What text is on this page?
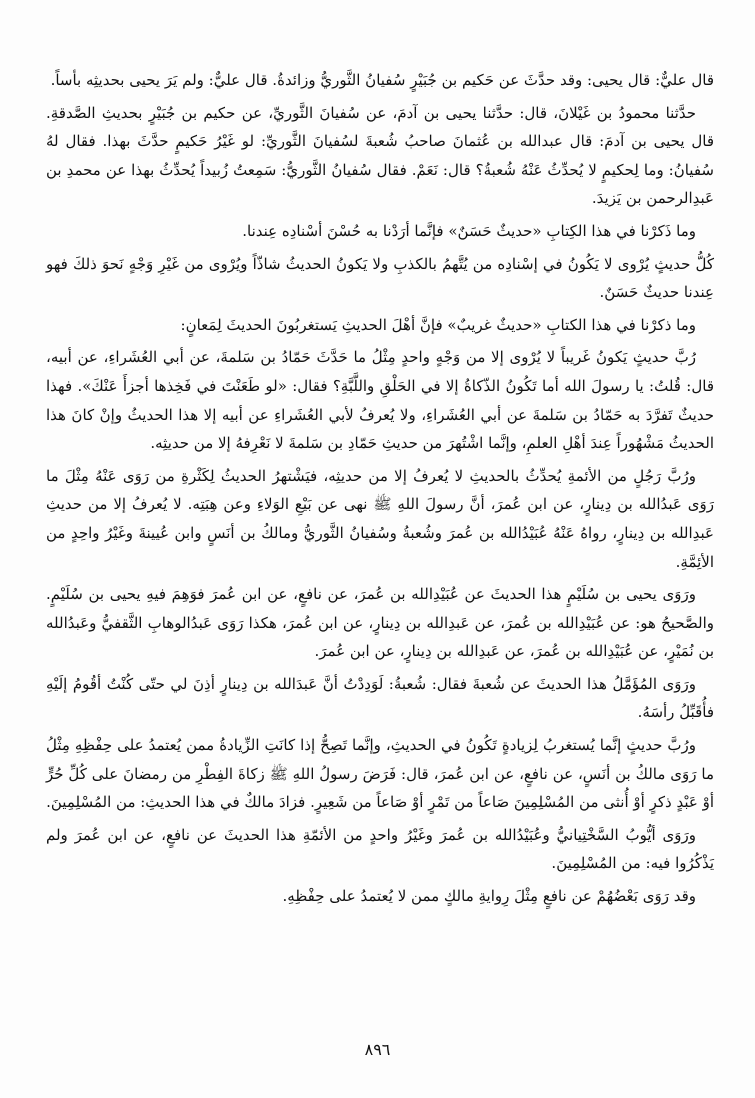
قال عليٌّ: قال يحيى: وقد حدَّثَ عن حَكيم بن جُبَيْرٍ سُفيانُ الثَّوريُّ وزائدةُ. قال عليٌّ: ولم يَرَ يحيى بحديثِه بأساً.

حدَّثنا محمودُ بن غَيْلانَ، قال: حدَّثنا يحيى بن آدمَ، عن سُفيانَ الثَّوريِّ، عن حكيم بن جُبَيْرٍ بحديثِ الصَّدقةِ. قال يحيى بن آدمَ: قال عبدالله بن عُثمانَ صاحبُ شُعبةَ لسُفيانَ الثَّوريِّ: لو غَيْرُ حَكيمٍ حدَّثَ بهذا. فقال لهُ سُفيانُ: وما لِحكيمٍ لا يُحدِّثُ عَنْهُ شُعبةُ؟ قال: نَعَمْ. فقال سُفيانُ الثَّوريُّ: سَمِعتُ زُبيداً يُحدِّثُ بهذا عن محمدِ بن عَبدِالرحمن بن يَزيدَ.

وما ذَكرْنا في هذا الكِتابِ «حديثٌ حَسَنٌ» فإنَّما أرَدْنا به حُسْنَ أسْنادِه عِندنا.

كُلُّ حديثٍ يُرْوى لا يَكُونُ في إسْنادِه من يُتَّهمُ بالكذبِ ولا يَكونُ الحديثُ شاذّاً ويُرْوى من غَيْرِ وَجْهٍ نَحوَ ذلكَ فهو عِندنا حديثٌ حَسَنٌ.

وما ذكرْنا في هذا الكتابِ «حديثٌ غريبٌ» فإنَّ أهْلَ الحديثِ يَستغربُونَ الحديثَ لِمَعانٍ:

رُبَّ حديثٍ يَكونُ غَريباً لا يُرْوى إلا من وَجْهٍ واحدٍ مِثْلُ ما حَدَّثَ حَمّادُ بن سَلمةَ، عن أبي العُشَراءِ، عن أبيه، قال: قُلتُ: يا رسولَ الله أما تَكُونُ الذّكاةُ إلا في الحَلْقِ واللَّبَّةِ؟ فقال: «لو طَعَنْتَ في فَخِذها أجزأَ عَنْكَ». فهذا حديثٌ تَفرَّدَ به حَمّادُ بن سَلمةَ عن أبي العُشَراءِ، ولا يُعرفُ لأبي العُشَراءِ عن أبيه إلا هذا الحديثُ وإنْ كانَ هذا الحديثُ مَشْهُوراً عِندَ أهْلِ العلمِ، وإنَّما اشْتُهرَ من حديثِ حَمّادِ بن سَلمةَ لا نَعْرِفهُ إلا من حديثِه.

ورُبَّ رَجُلٍ من الأئمةِ يُحدِّثُ بالحديثِ لا يُعرفُ إلا من حديثِه، فيَشْتهرُ الحديثُ لِكَثْرةِ من رَوَى عَنْهُ مِثْلَ ما رَوَى عَبدُالله بن دِينارٍ، عن ابن عُمرَ، أنَّ رسولَ اللهِ ﷺ نهى عن بَيْعِ الوَلاءِ وعن هِبَتِه. لا يُعرفُ إلا من حديثِ عَبدِالله بن دِينارٍ، رواهُ عَنْهُ عُبَيْدُالله بن عُمرَ وشُعبةُ وسُفيانُ الثَّوريُّ ومالكُ بن أنَسٍ وابن عُيينةَ وغَيْرُ واحِدٍ من الأئِمَّةِ.

ورَوَى يحيى بن سُلَيْمٍ هذا الحديثَ عن عُبَيْدِالله بن عُمرَ، عن نافعٍ، عن ابن عُمرَ فوَهِمَ فيهِ يحيى بن سُلَيْمٍ. والصَّحيحُ هو: عن عُبَيْدِالله بن عُمرَ، عن عَبدِالله بن دِينارٍ، عن ابن عُمرَ، هكذا رَوَى عَبدُالوهابِ الثَّقفيُّ وعَبدُالله بن نُمَيْرٍ، عن عُبَيْدِالله بن عُمرَ، عن عَبدِالله بن دِينارٍ، عن ابن عُمرَ.

ورَوَى المُؤَمَّلُ هذا الحديثَ عن شُعبةَ فقال: شُعبةُ: لَوَدِدْتُ أنَّ عَبدَالله بن دِينارٍ أذِنَ لي حتّى كُنْتُ أقُومُ إلَيْهِ فأُقَبِّلُ رأسَهُ.

ورُبَّ حديثٍ إنَّما يُستغربُ لِزيادةٍ تَكُونُ في الحديثِ، وإنَّما تَصِحُّ إذا كانَتِ الزِّيادةُ ممن يُعتمدُ على حِفْظِهِ مِثْلُ ما رَوَى مالكُ بن أنَسٍ، عن نافعٍ، عن ابن عُمرَ، قال: فَرَضَ رسولُ اللهِ ﷺ زكاةَ الفِطْرِ من رمضانَ على كُلِّ حُرٍّ أوْ عَبْدٍ ذكرٍ أوْ أُنثى من المُسْلِمِينَ صَاعاً من تَمْرٍ أوْ صَاعاً من شَعِيرٍ. فزادَ مالكٌ في هذا الحديثِ: من المُسْلِمِينَ.

ورَوَى أيُّوبُ السَّخْتِيانيُّ وعُبَيْدُالله بن عُمرَ وغَيْرُ واحدٍ من الأئمّةِ هذا الحديثَ عن نافعٍ، عن ابن عُمرَ ولم يَذْكُرُوا فيه: من المُسْلِمِينَ.

وقد رَوَى بَعْضُهُمْ عن نافعٍ مِثْلَ رِوايةِ مالكٍ ممن لا يُعتمدُ على حِفْظِهِ.

٨٩٦
